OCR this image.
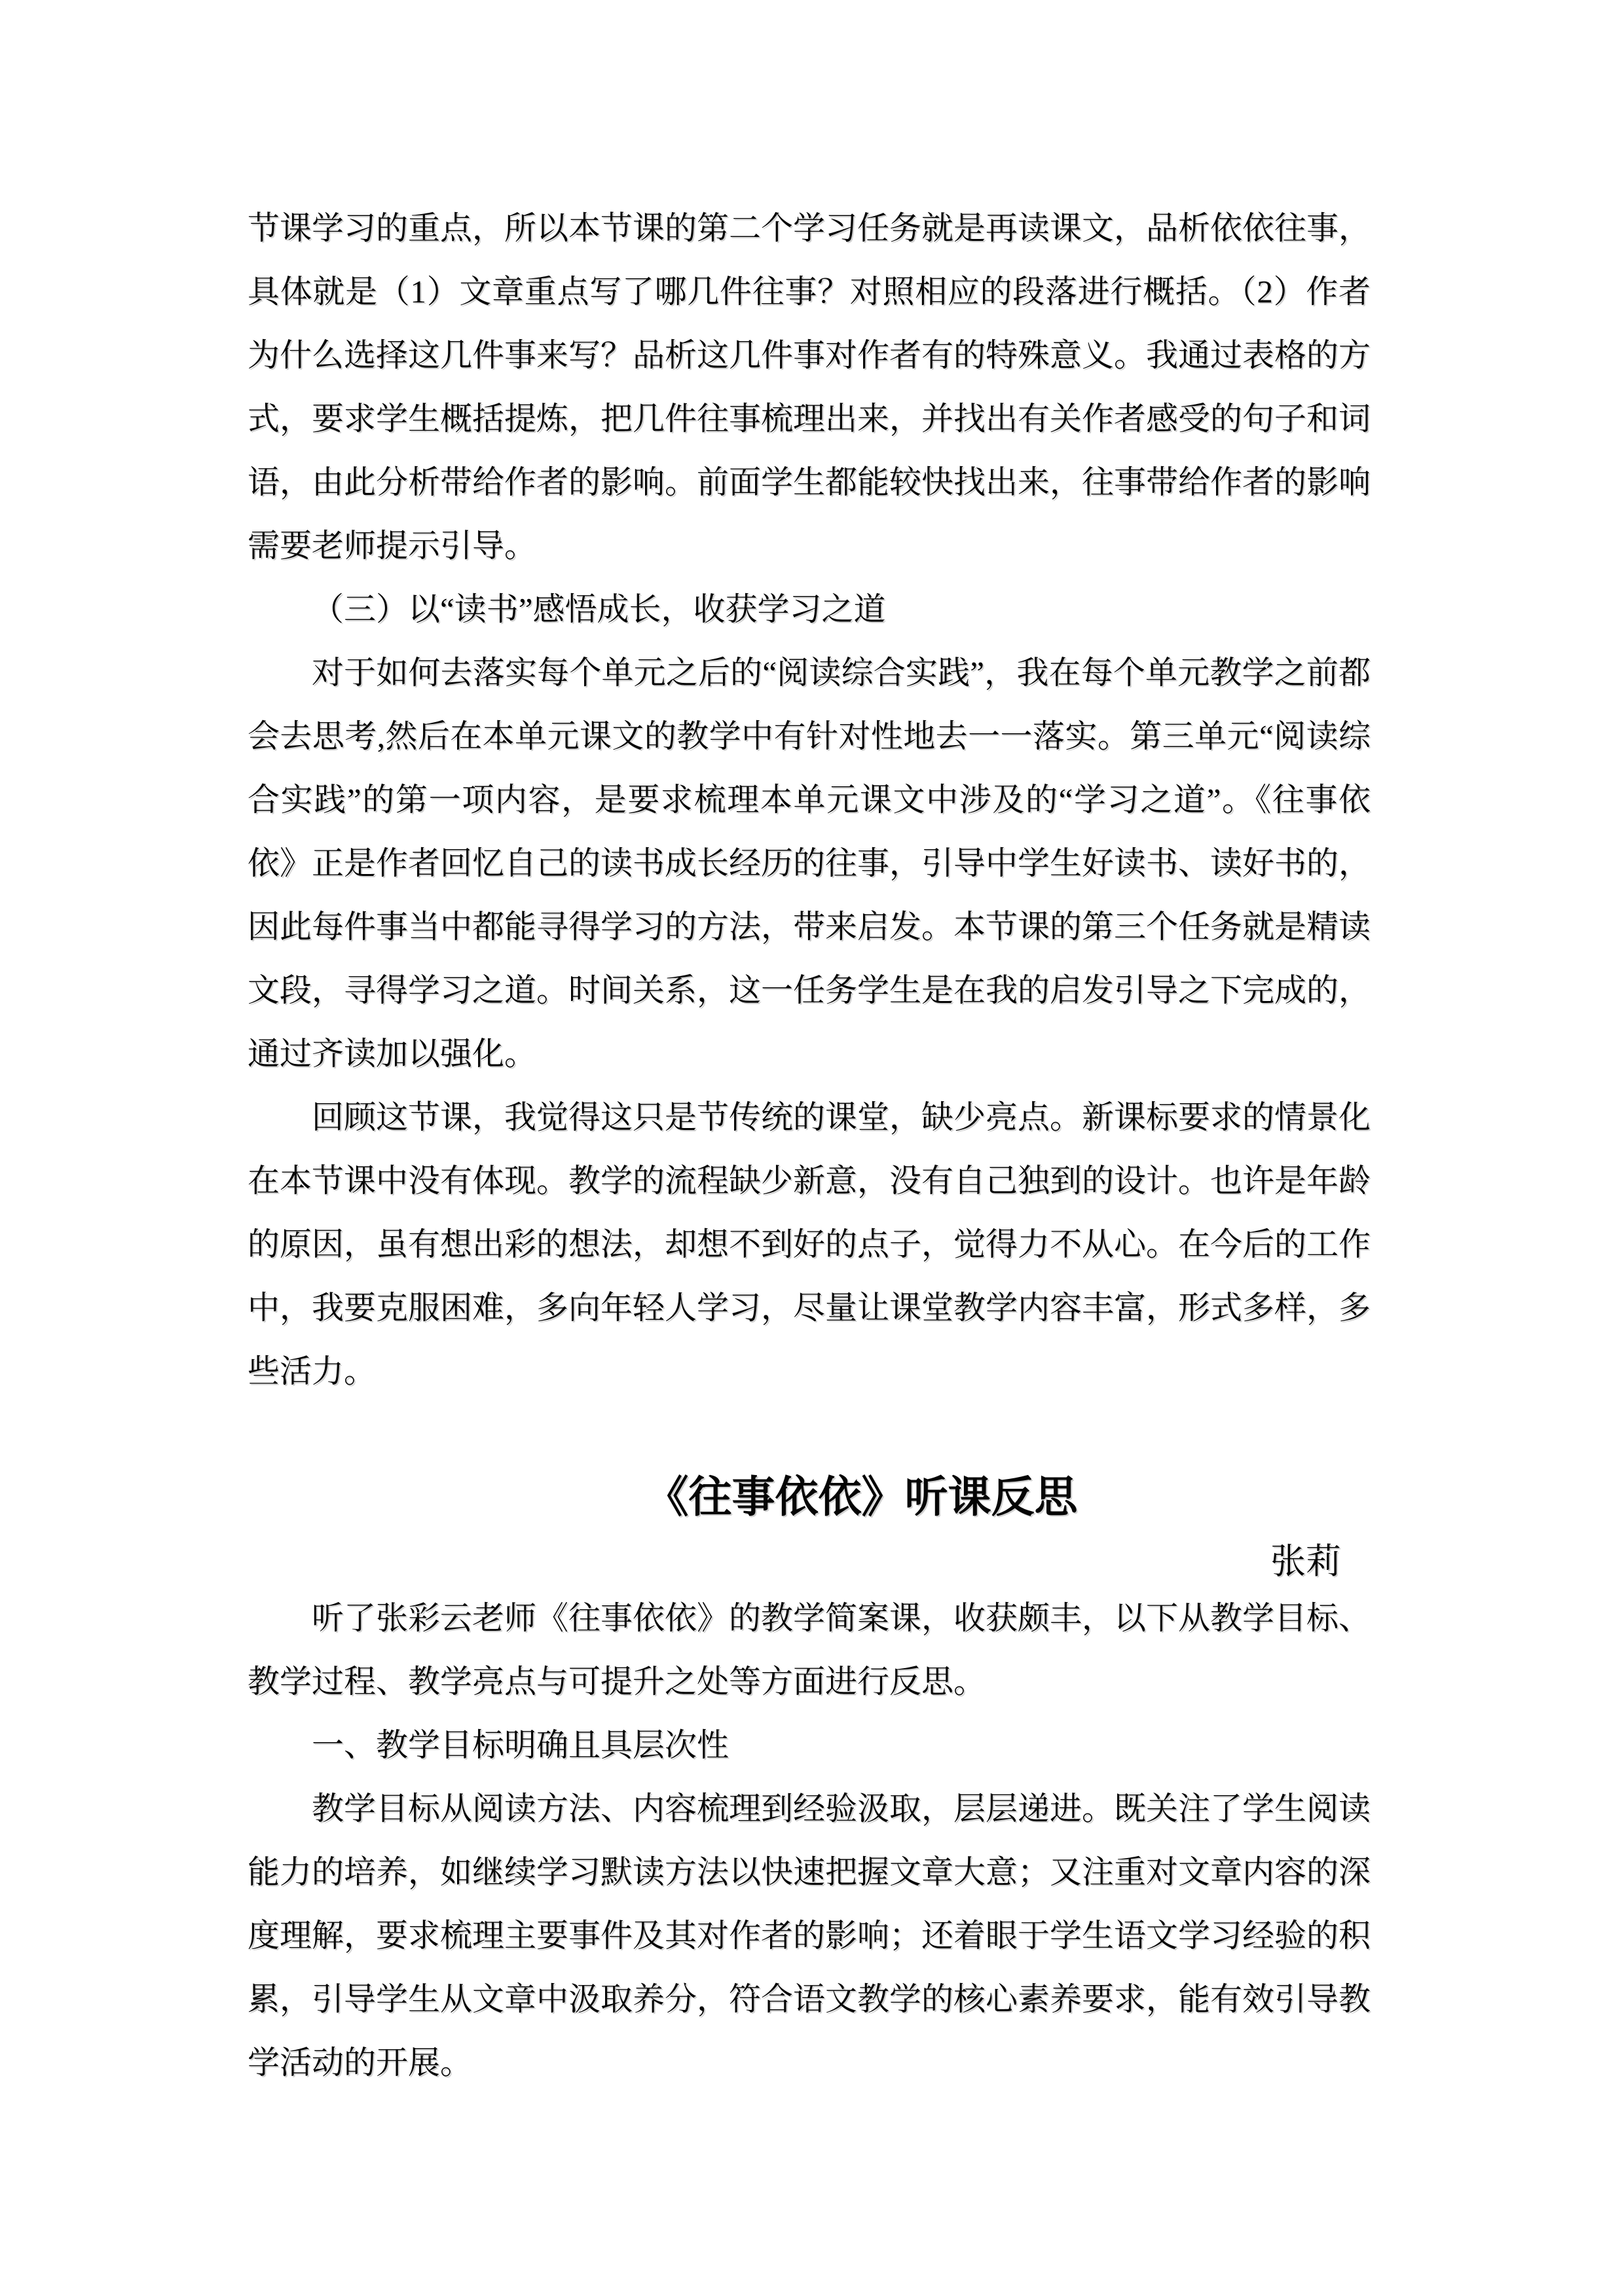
节课学习的重点，所以本节课的第二个学习任务就是再读课文，品析依依往事，具体就是（1）文章重点写了哪几件往事？对照相应的段落进行概括。（2）作者为什么选择这几件事来写？品析这几件事对作者有的特殊意义。我通过表格的方式，要求学生概括提炼，把几件往事梳理出来，并找出有关作者感受的句子和词语，由此分析带给作者的影响。前面学生都能较快找出来，往事带给作者的影响需要老师提示引导。

（三）以“读书”感悟成长，收获学习之道

对于如何去落实每个单元之后的“阅读综合实践”，我在每个单元教学之前都会去思考,然后在本单元课文的教学中有针对性地去一一落实。第三单元“阅读综合实践”的第一项内容，是要求梳理本单元课文中涉及的“学习之道”。《往事依依》正是作者回忆自己的读书成长经历的往事，引导中学生好读书、读好书的，因此每件事当中都能寻得学习的方法，带来启发。本节课的第三个任务就是精读文段，寻得学习之道。时间关系，这一任务学生是在我的启发引导之下完成的，通过齐读加以强化。

回顾这节课，我觉得这只是节传统的课堂，缺少亮点。新课标要求的情景化在本节课中没有体现。教学的流程缺少新意，没有自己独到的设计。也许是年龄的原因，虽有想出彩的想法，却想不到好的点子，觉得力不从心。在今后的工作中，我要克服困难，多向年轻人学习，尽量让课堂教学内容丰富，形式多样，多些活力。

《往事依依》听课反思
张莉

听了张彩云老师《往事依依》的教学简案课，收获颇丰，以下从教学目标、教学过程、教学亮点与可提升之处等方面进行反思。

一、教学目标明确且具层次性

教学目标从阅读方法、内容梳理到经验汲取，层层递进。既关注了学生阅读能力的培养，如继续学习默读方法以快速把握文章大意；又注重对文章内容的深度理解，要求梳理主要事件及其对作者的影响；还着眼于学生语文学习经验的积累，引导学生从文章中汲取养分，符合语文教学的核心素养要求，能有效引导教学活动的开展。
